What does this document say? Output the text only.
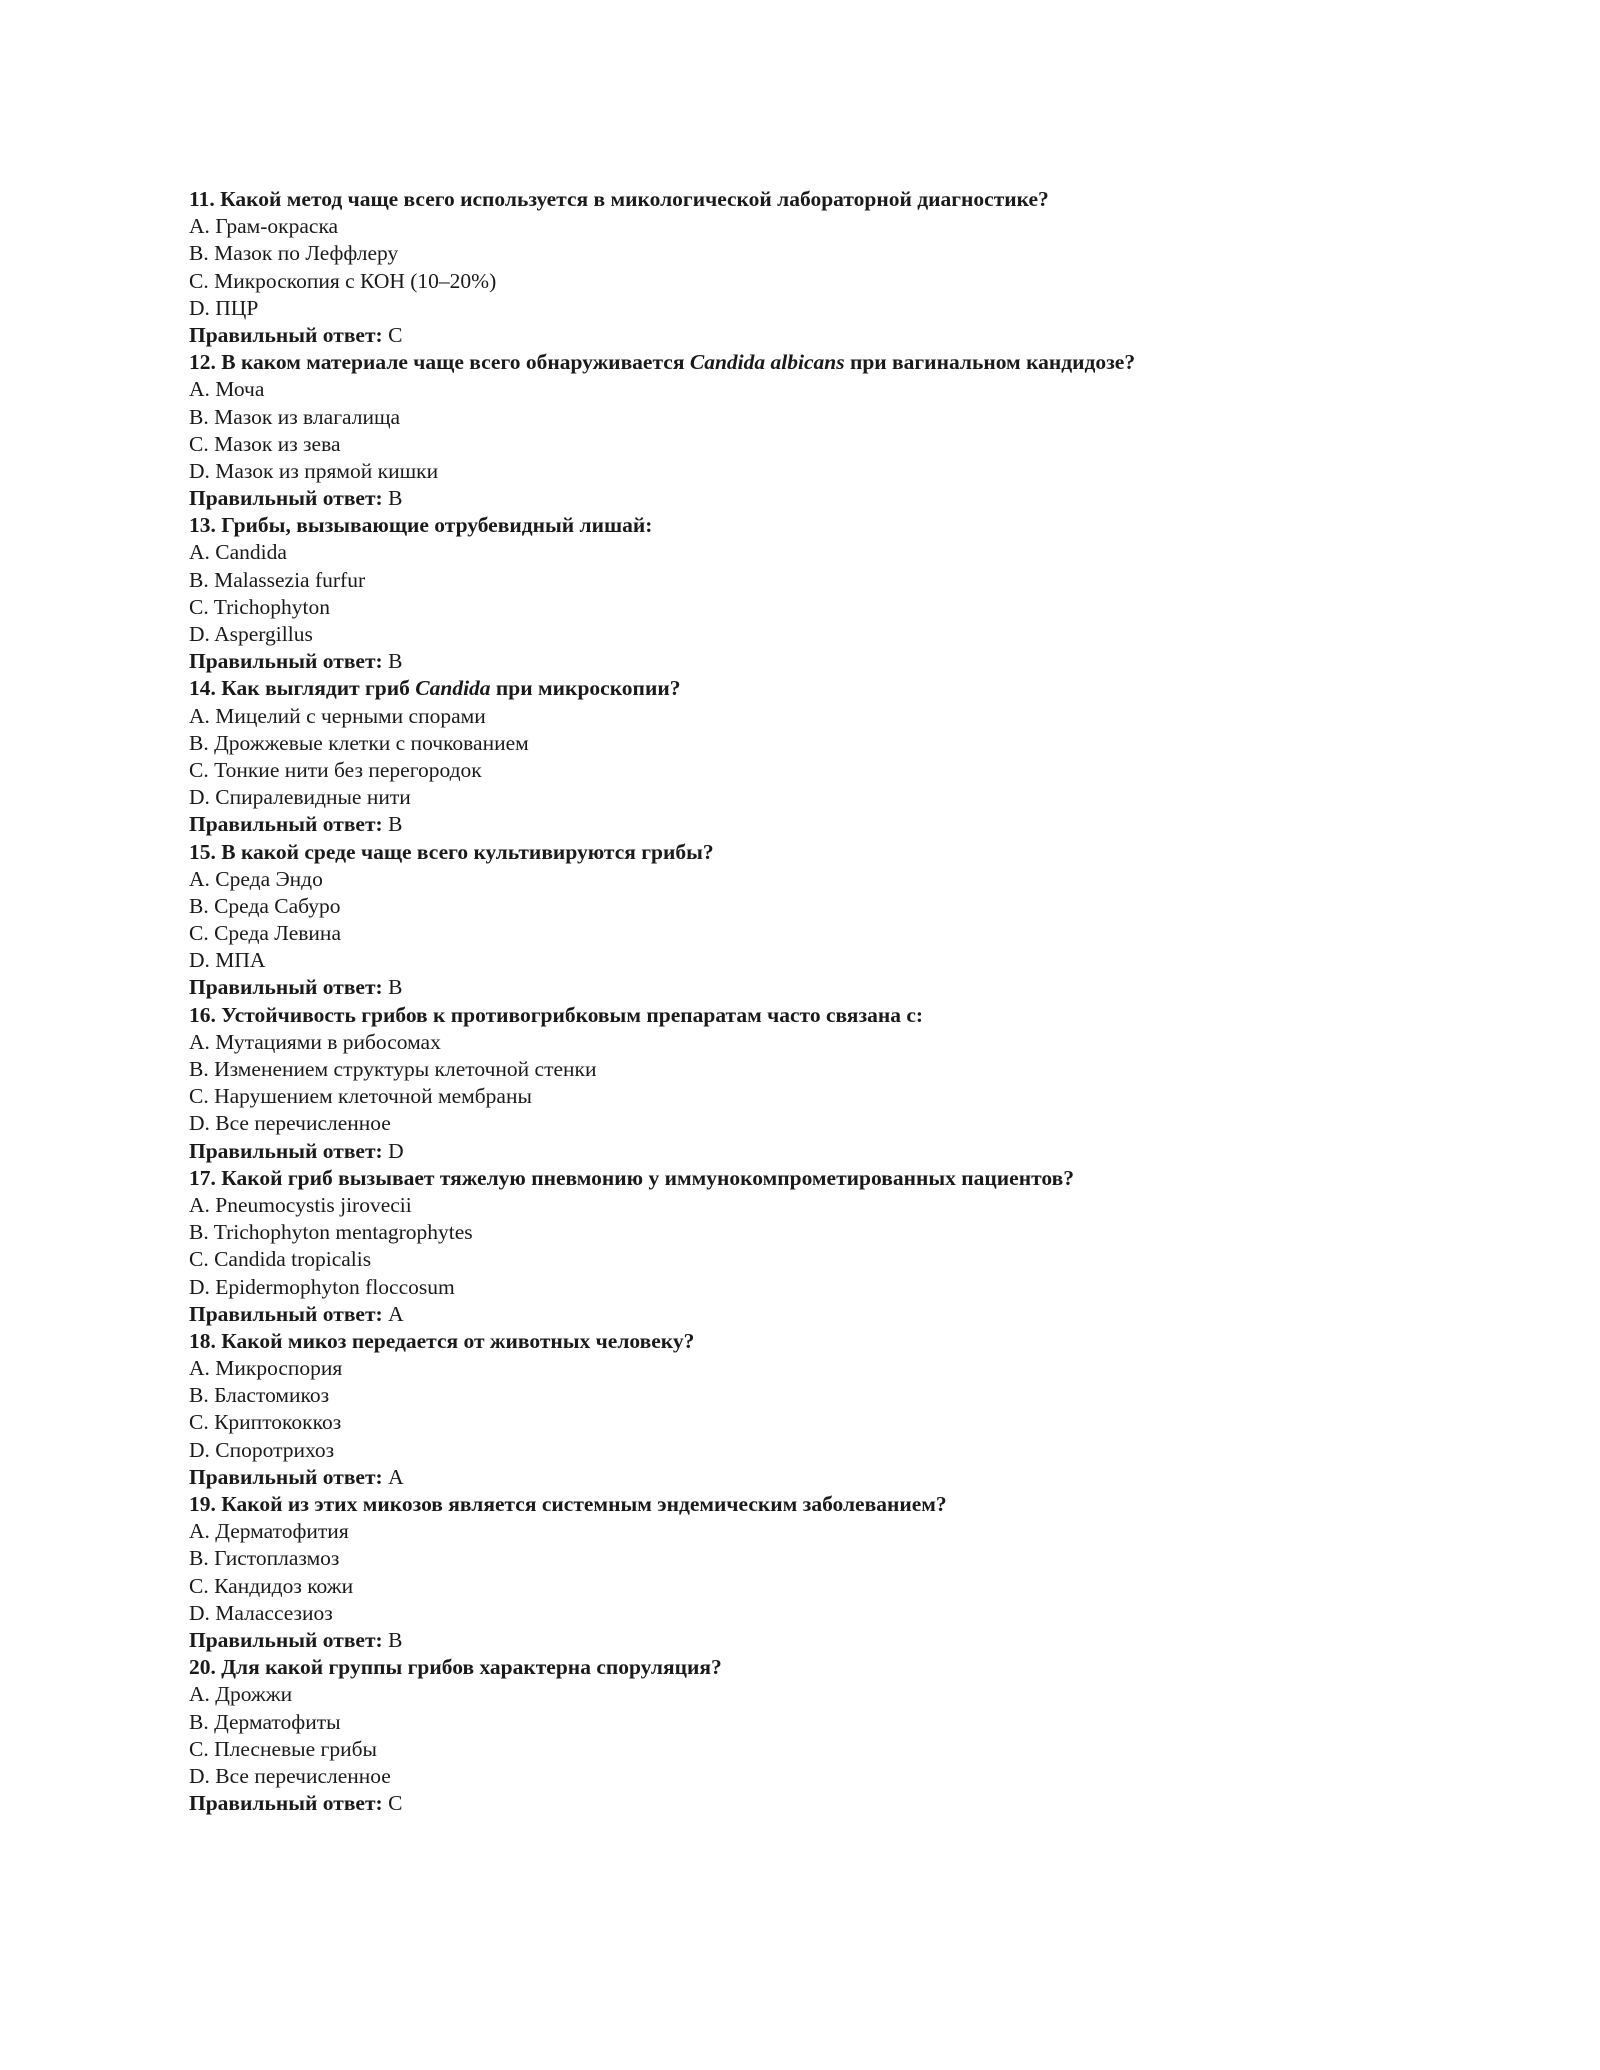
11. Какой метод чаще всего используется в микологической лабораторной диагностике?
A. Грам-окраска
B. Мазок по Леффлеру
C. Микроскопия с КОН (10–20%)
D. ПЦР
Правильный ответ: C
12. В каком материале чаще всего обнаруживается Candida albicans при вагинальном кандидозе?
A. Моча
B. Мазок из влагалища
C. Мазок из зева
D. Мазок из прямой кишки
Правильный ответ: B
13. Грибы, вызывающие отрубевидный лишай:
A. Candida
B. Malassezia furfur
C. Trichophyton
D. Aspergillus
Правильный ответ: B
14. Как выглядит гриб Candida при микроскопии?
A. Мицелий с черными спорами
B. Дрожжевые клетки с почкованием
C. Тонкие нити без перегородок
D. Спиралевидные нити
Правильный ответ: B
15. В какой среде чаще всего культивируются грибы?
A. Среда Эндо
B. Среда Сабуро
C. Среда Левина
D. МПА
Правильный ответ: B
16. Устойчивость грибов к противогрибковым препаратам часто связана с:
A. Мутациями в рибосомах
B. Изменением структуры клеточной стенки
C. Нарушением клеточной мембраны
D. Все перечисленное
Правильный ответ: D
17. Какой гриб вызывает тяжелую пневмонию у иммунокомпрометированных пациентов?
A. Pneumocystis jirovecii
B. Trichophyton mentagrophytes
C. Candida tropicalis
D. Epidermophyton floccosum
Правильный ответ: A
18. Какой микоз передается от животных человеку?
A. Микроспория
B. Бластомикоз
C. Криптококкоз
D. Споротрихоз
Правильный ответ: A
19. Какой из этих микозов является системным эндемическим заболеванием?
A. Дерматофития
B. Гистоплазмоз
C. Кандидоз кожи
D. Малассезиоз
Правильный ответ: B
20. Для какой группы грибов характерна споруляция?
A. Дрожжи
B. Дерматофиты
C. Плесневые грибы
D. Все перечисленное
Правильный ответ: C
